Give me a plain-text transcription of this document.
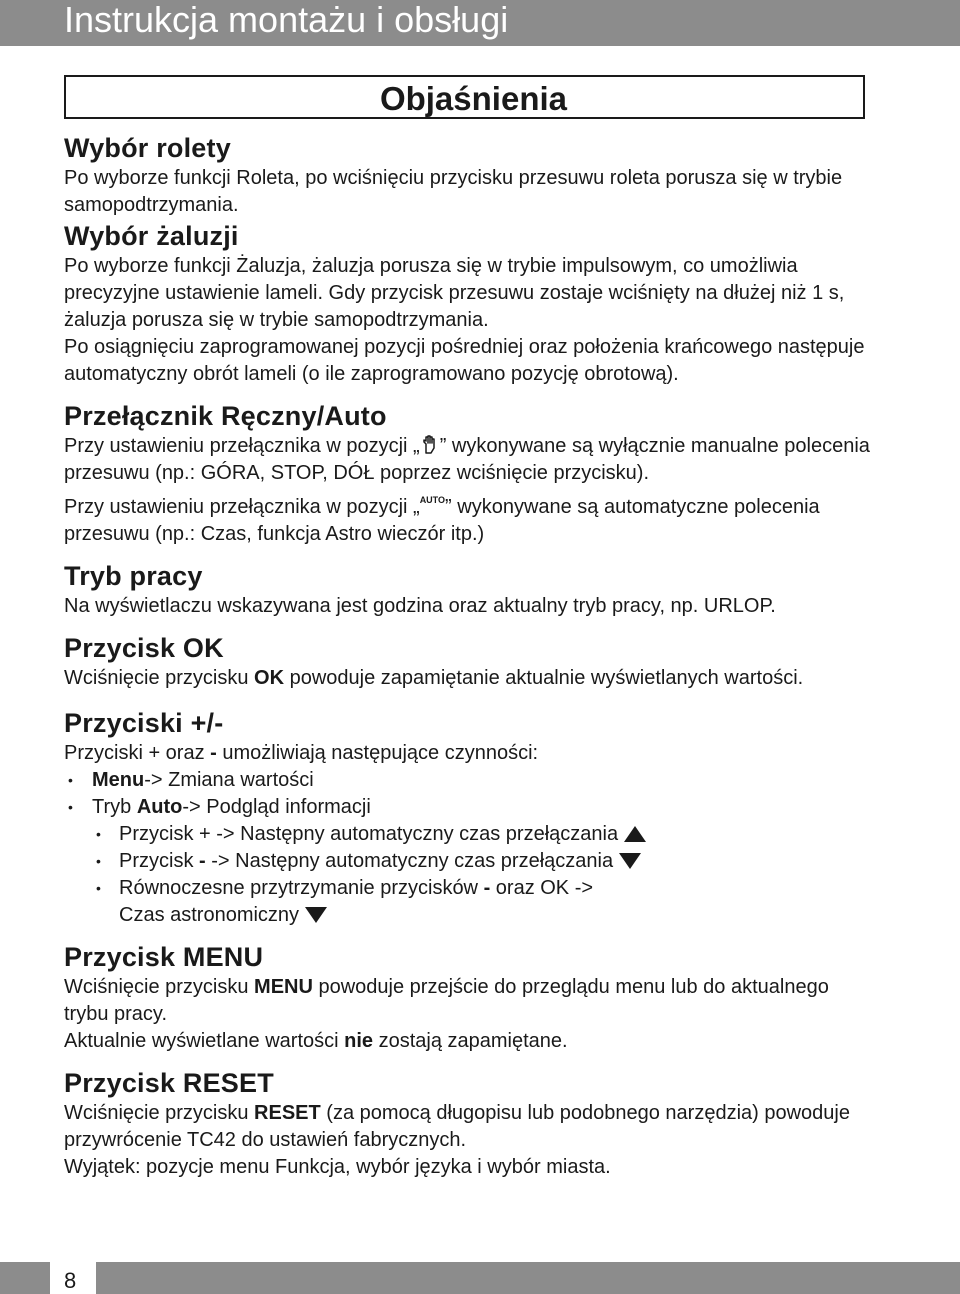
Instrukcja montażu i obsługi
Objaśnienia

Wybór rolety

Po wyborze funkcji Roleta, po wciśnięciu przycisku przesuwu roleta porusza się w trybie samopodtrzymania.

Wybór żaluzji

Po wyborze funkcji Żaluzja, żaluzja porusza się w trybie impulsowym, co umożliwia precyzyjne ustawienie lameli. Gdy przycisk przesuwu zostaje wciśnięty na dłużej niż 1 s, żaluzja porusza się w trybie samopodtrzymania.

Po osiągnięciu zaprogramowanej pozycji pośredniej oraz położenia krańcowego następuje automatyczny obrót lameli (o ile zaprogramowano pozycję obrotową).

Przełącznik Ręczny/Auto

Przy ustawieniu przełącznika w pozycji „ ” wykonywane są wyłącznie manualne polecenia przesuwu (np.: GÓRA, STOP, DÓŁ poprzez wciśnięcie przycisku).

Przy ustawieniu przełącznika w pozycji „$^{AUTO}$” wykonywane są automatyczne polecenia przesuwu (np.: Czas, funkcja Astro wieczór itp.)

Tryb pracy

Na wyświetlaczu wskazywana jest godzina oraz aktualny tryb pracy, np. URLOP.

Przycisk OK

Wciśnięcie przycisku OK powoduje zapamiętanie aktualnie wyświetlanych wartości.

Przyciski +/-

Przyciski + oraz - umożliwiają następujące czynności:

• Menu-> Zmiana wartości
• Tryb Auto-> Podgląd informacji
• Przycisk + -> Następny automatyczny czas przełączania
• Przycisk - -> Następny automatyczny czas przełączania
• Równoczesne przytrzymanie przycisków - oraz OK ->
Czas astronomiczny

Przycisk MENU

Wciśnięcie przycisku MENU powoduje przejście do przeglądu menu lub do aktualnego trybu pracy.

Aktualnie wyświetlane wartości nie zostają zapamiętane.

Przycisk RESET

Wciśnięcie przycisku RESET (za pomocą długopisu lub podobnego narzędzia) powoduje przywrócenie TC42 do ustawień fabrycznych.

Wyjątek: pozycje menu Funkcja, wybór języka i wybór miasta.

8
